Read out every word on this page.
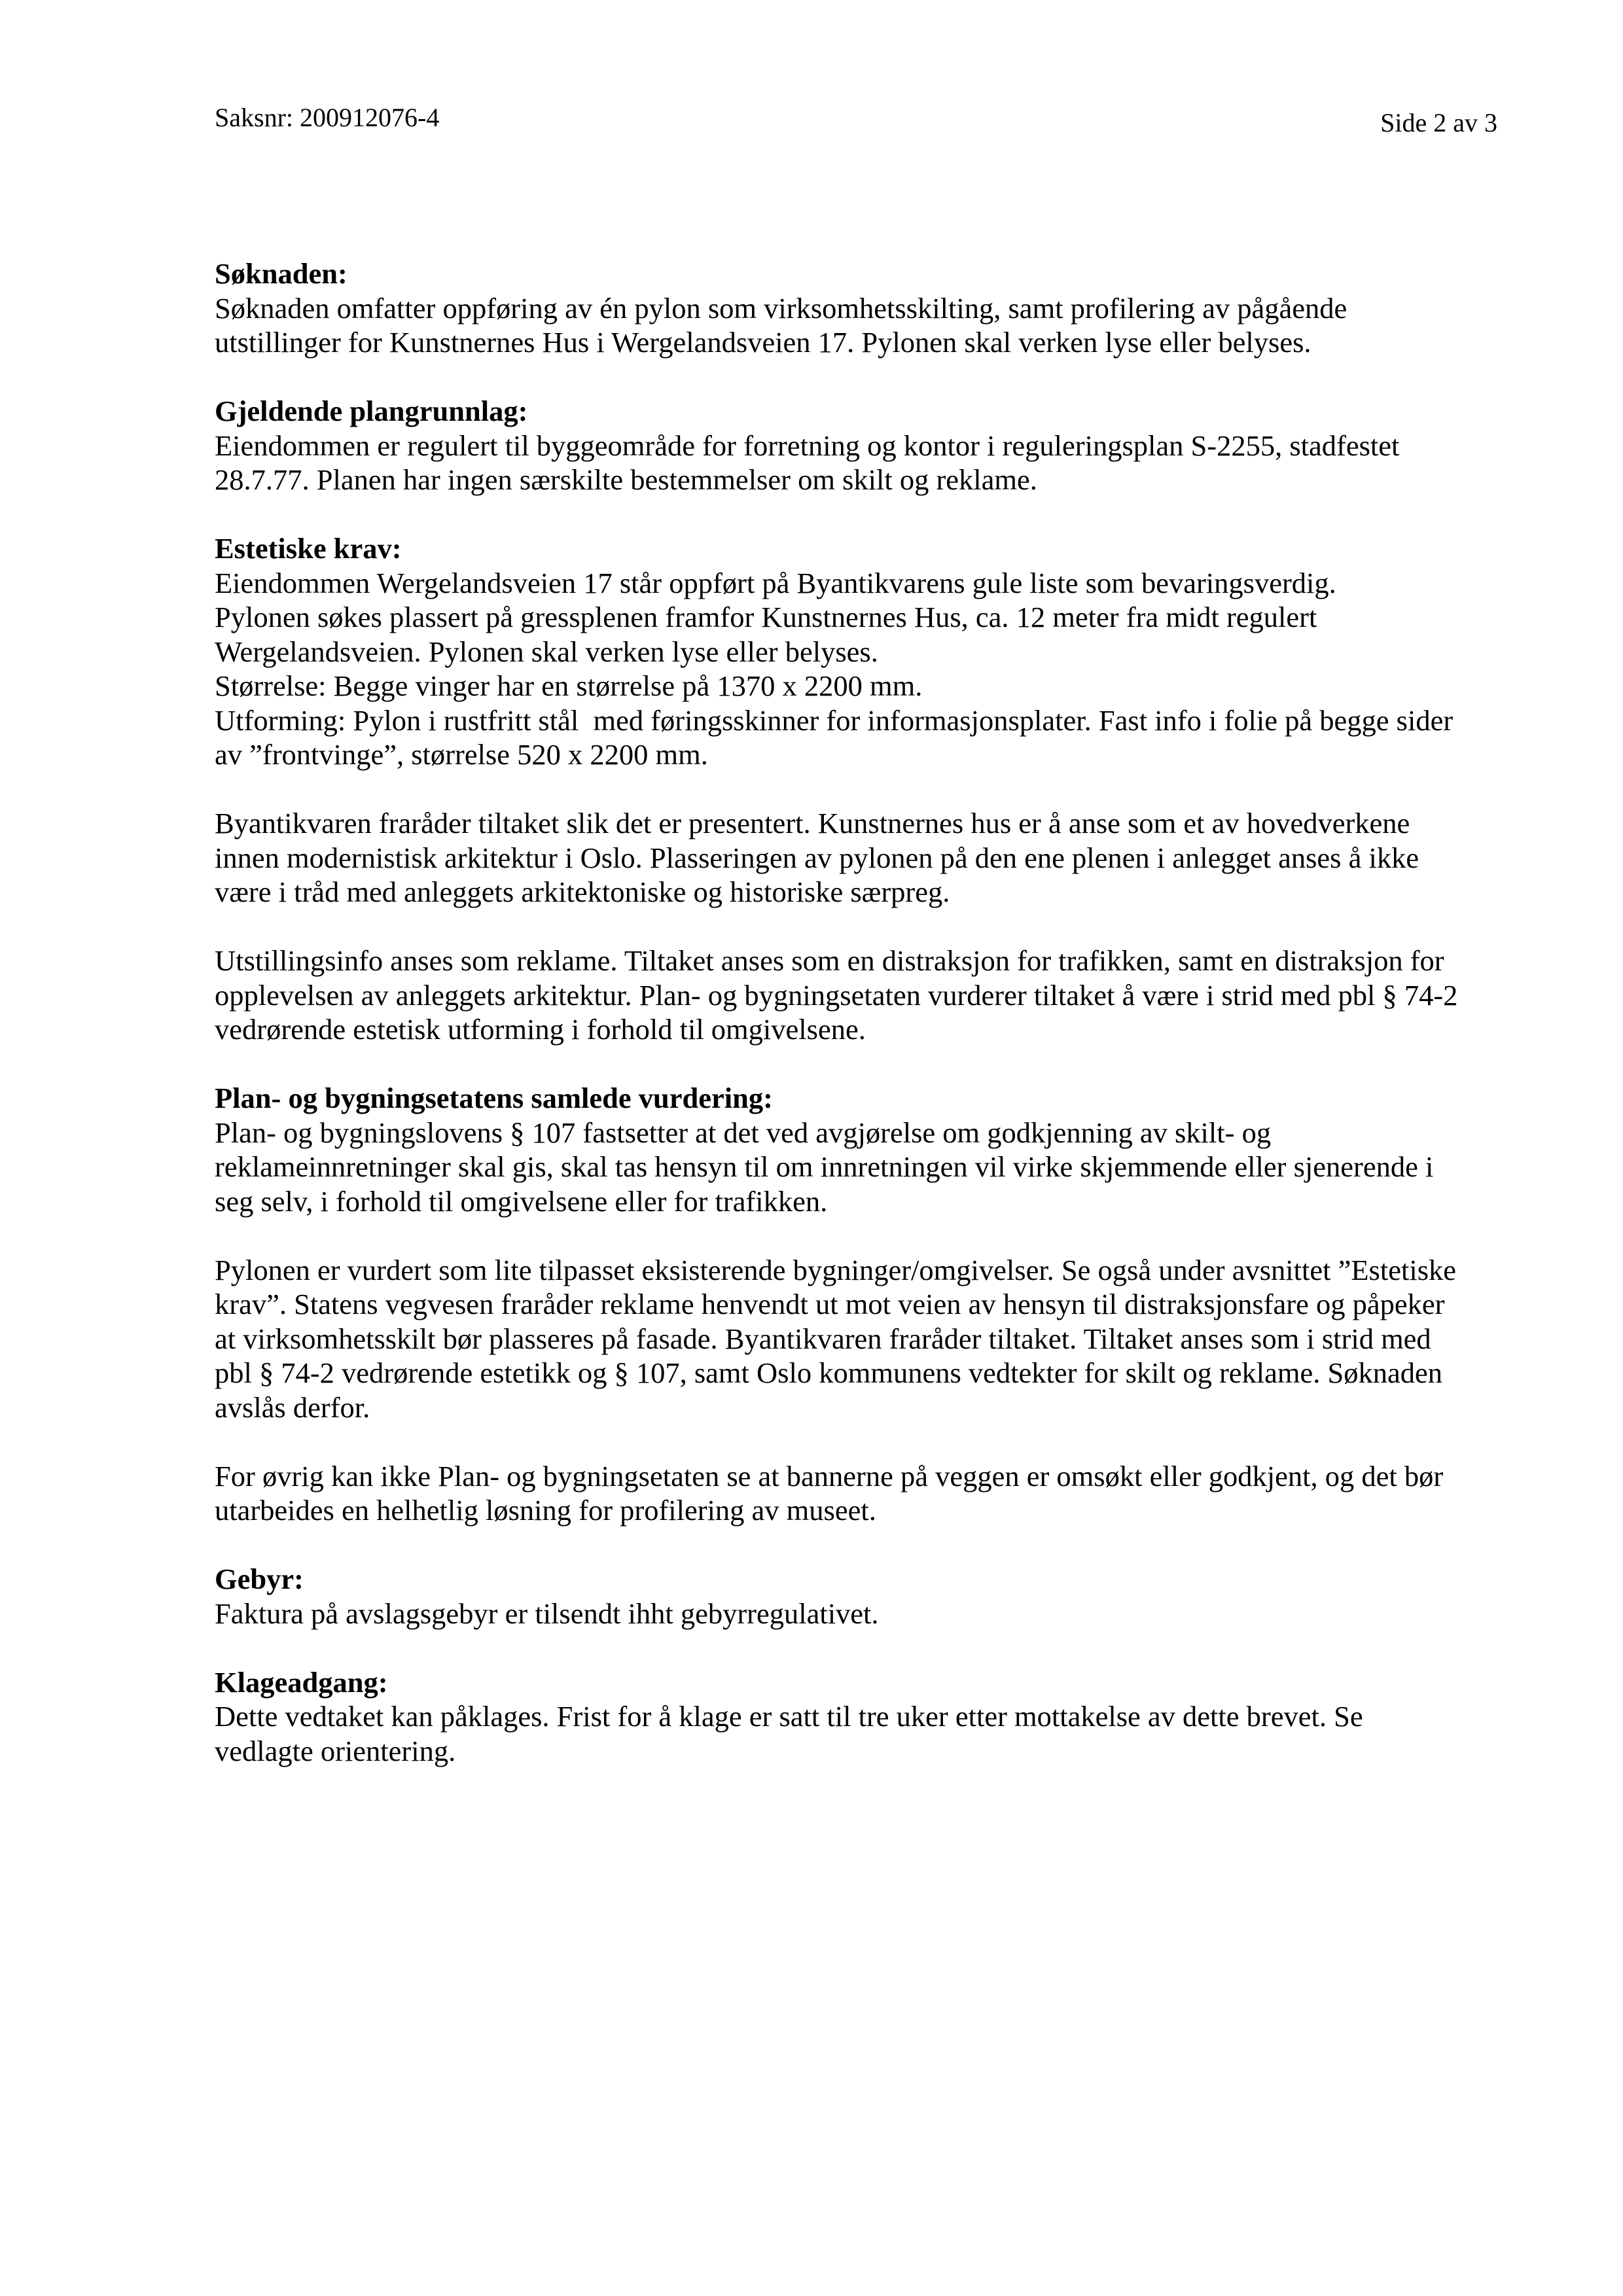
Saksnr: 200912076-4	Side 2 av 3
Søknaden:
Søknaden omfatter oppføring av én pylon som virksomhetsskilting, samt profilering av pågående
utstillinger for Kunstnernes Hus i Wergelandsveien 17. Pylonen skal verken lyse eller belyses.
Gjeldende plangrunnlag:
Eiendommen er regulert til byggeområde for forretning og kontor i reguleringsplan S-2255, stadfestet
28.7.77. Planen har ingen særskilte bestemmelser om skilt og reklame.
Estetiske krav:
Eiendommen Wergelandsveien 17 står oppført på Byantikvarens gule liste som bevaringsverdig.
Pylonen søkes plassert på gressplenen framfor Kunstnernes Hus, ca. 12 meter fra midt regulert
Wergelandsveien. Pylonen skal verken lyse eller belyses.
Størrelse: Begge vinger har en størrelse på 1370 x 2200 mm.
Utforming: Pylon i rustfritt stål  med føringsskinner for informasjonsplater. Fast info i folie på begge sider
av ”frontvinge”, størrelse 520 x 2200 mm.
Byantikvaren fraråder tiltaket slik det er presentert. Kunstnernes hus er å anse som et av hovedverkene
innen modernistisk arkitektur i Oslo. Plasseringen av pylonen på den ene plenen i anlegget anses å ikke
være i tråd med anleggets arkitektoniske og historiske særpreg.
Utstillingsinfo anses som reklame. Tiltaket anses som en distraksjon for trafikken, samt en distraksjon for
opplevelsen av anleggets arkitektur. Plan- og bygningsetaten vurderer tiltaket å være i strid med pbl § 74-2
vedrørende estetisk utforming i forhold til omgivelsene.
Plan- og bygningsetatens samlede vurdering:
Plan- og bygningslovens § 107 fastsetter at det ved avgjørelse om godkjenning av skilt- og
reklameinnretninger skal gis, skal tas hensyn til om innretningen vil virke skjemmende eller sjenerende i
seg selv, i forhold til omgivelsene eller for trafikken.
Pylonen er vurdert som lite tilpasset eksisterende bygninger/omgivelser. Se også under avsnittet ”Estetiske
krav”. Statens vegvesen fraråder reklame henvendt ut mot veien av hensyn til distraksjonsfare og påpeker
at virksomhetsskilt bør plasseres på fasade. Byantikvaren fraråder tiltaket. Tiltaket anses som i strid med
pbl § 74-2 vedrørende estetikk og § 107, samt Oslo kommunens vedtekter for skilt og reklame. Søknaden
avslås derfor.
For øvrig kan ikke Plan- og bygningsetaten se at bannerne på veggen er omsøkt eller godkjent, og det bør
utarbeides en helhetlig løsning for profilering av museet.
Gebyr:
Faktura på avslagsgebyr er tilsendt ihht gebyrregulativet.
Klageadgang:
Dette vedtaket kan påklages. Frist for å klage er satt til tre uker etter mottakelse av dette brevet. Se
vedlagte orientering.
